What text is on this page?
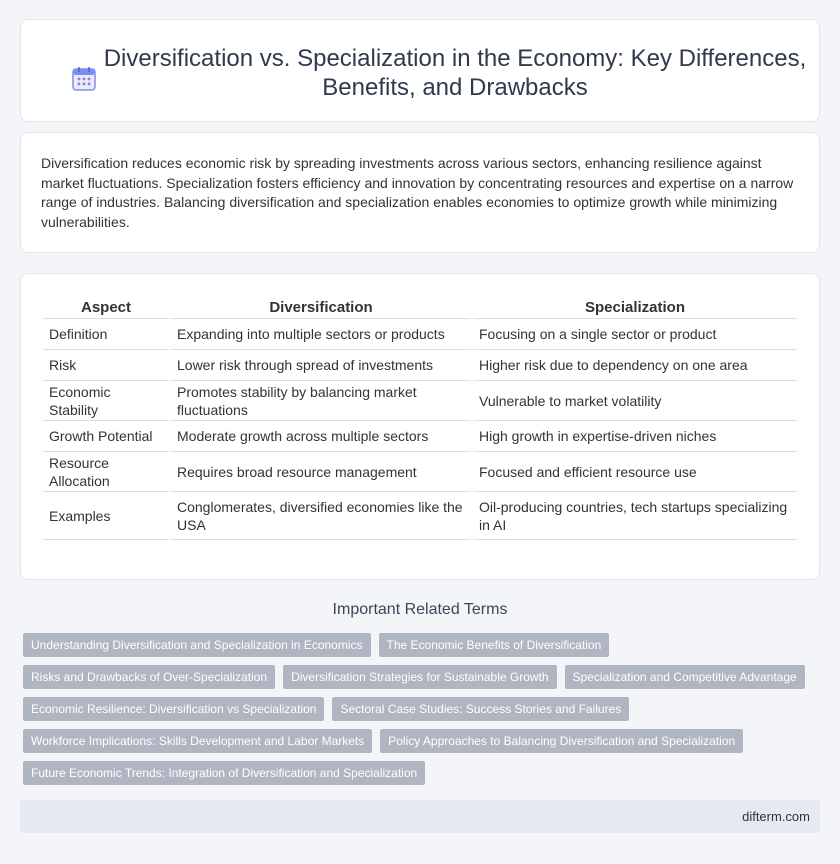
Diversification vs. Specialization in the Economy: Key Differences, Benefits, and Drawbacks

Diversification reduces economic risk by spreading investments across various sectors, enhancing resilience against market fluctuations. Specialization fosters efficiency and innovation by concentrating resources and expertise on a narrow range of industries. Balancing diversification and specialization enables economies to optimize growth while minimizing vulnerabilities.

Aspect	Diversification	Specialization
Definition	Expanding into multiple sectors or products	Focusing on a single sector or product
Risk	Lower risk through spread of investments	Higher risk due to dependency on one area
Economic Stability	Promotes stability by balancing market fluctuations	Vulnerable to market volatility
Growth Potential	Moderate growth across multiple sectors	High growth in expertise-driven niches
Resource Allocation	Requires broad resource management	Focused and efficient resource use
Examples	Conglomerates, diversified economies like the USA	Oil-producing countries, tech startups specializing in AI
Important Related Terms
Understanding Diversification and Specialization in Economics	The Economic Benefits of Diversification
Risks and Drawbacks of Over-Specialization	Diversification Strategies for Sustainable Growth	Specialization and Competitive Advantage
Economic Resilience: Diversification vs Specialization	Sectoral Case Studies: Success Stories and Failures
Workforce Implications: Skills Development and Labor Markets	Policy Approaches to Balancing Diversification and Specialization
Future Economic Trends: Integration of Diversification and Specialization
difterm.com
